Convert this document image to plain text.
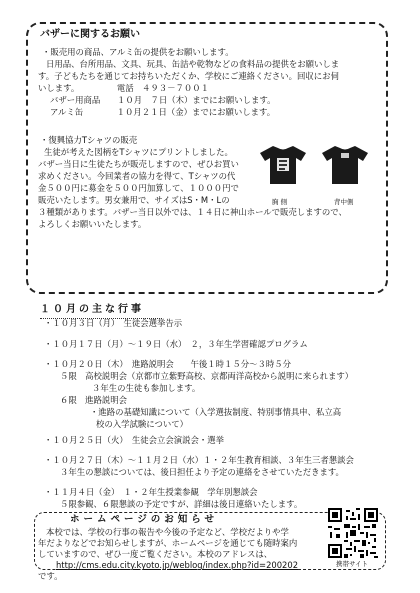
バザーに関するお願い
・販売用の商品、アルミ缶の提供をお願いします。
日用品、台所用品、文具、玩具、缶詰や乾物などの食料品の提供をお願いしま
す。子どもたちを通じてお持ちいただくか、学校にご連絡ください。回収にお伺
いします。　　　　　電話　４９３－７００１
バザー用商品　　１０月　７日（木）までにお願いします。
アルミ缶　　　　１０月２１日（金）までにお願いします。
・復興協力Tシャツの販売
生徒が考えた図柄をTシャツにプリントしました。
バザー当日に生徒たちが販売しますので、ぜひお買い
求めください。今回業者の協力を得て、Tシャツの代
金５００円に募金を５００円加算して、１０００円で
販売いたします。男女兼用で、サイズはS・M・Lの
３種類があります。バザー当日以外では、１４日に神山ホールで販売しますので、
よろしくお願いいたします。
胸 側	背中側
１０月の主な行事
・１０月３日（月）　生徒会選挙告示
・１０月１７日（月）～１９日（水）　２，３年生学習確認プログラム
・１０月２０日（木）　進路説明会　　午後１時１５分～３時５分
５限　高校説明会（京都市立紫野高校、京都両洋高校から説明に来られます）
３年生の生徒も参加します。
６限　進路説明会
・進路の基礎知識について（入学選抜制度、特別事情具申、私立高
校の入学試験について）
・１０月２５日（火）　生徒会立会演説会・選挙
・１０月２７日（木）～１１月２日（水）１・２年生教育相談、３年生三者懇談会
３年生の懇談については、後日担任より予定の連絡をさせていただきます。
・１１月４日（金）　１・２年生授業参観　学年別懇談会
５限参観、６限懇談の予定ですが、詳細は後日連絡いたします。
ホームページのお知らせ
本校では、学校の行事の報告や今後の予定など、学校だよりや学
年だよりなどでお知らせしますが、ホームページを通じても随時案内
していますので、ぜひ一度ご覧ください。本校のアドレスは、
http://cms.edu.city.kyoto.jp/weblog/index.php?id=200202
です。
携帯サイト
